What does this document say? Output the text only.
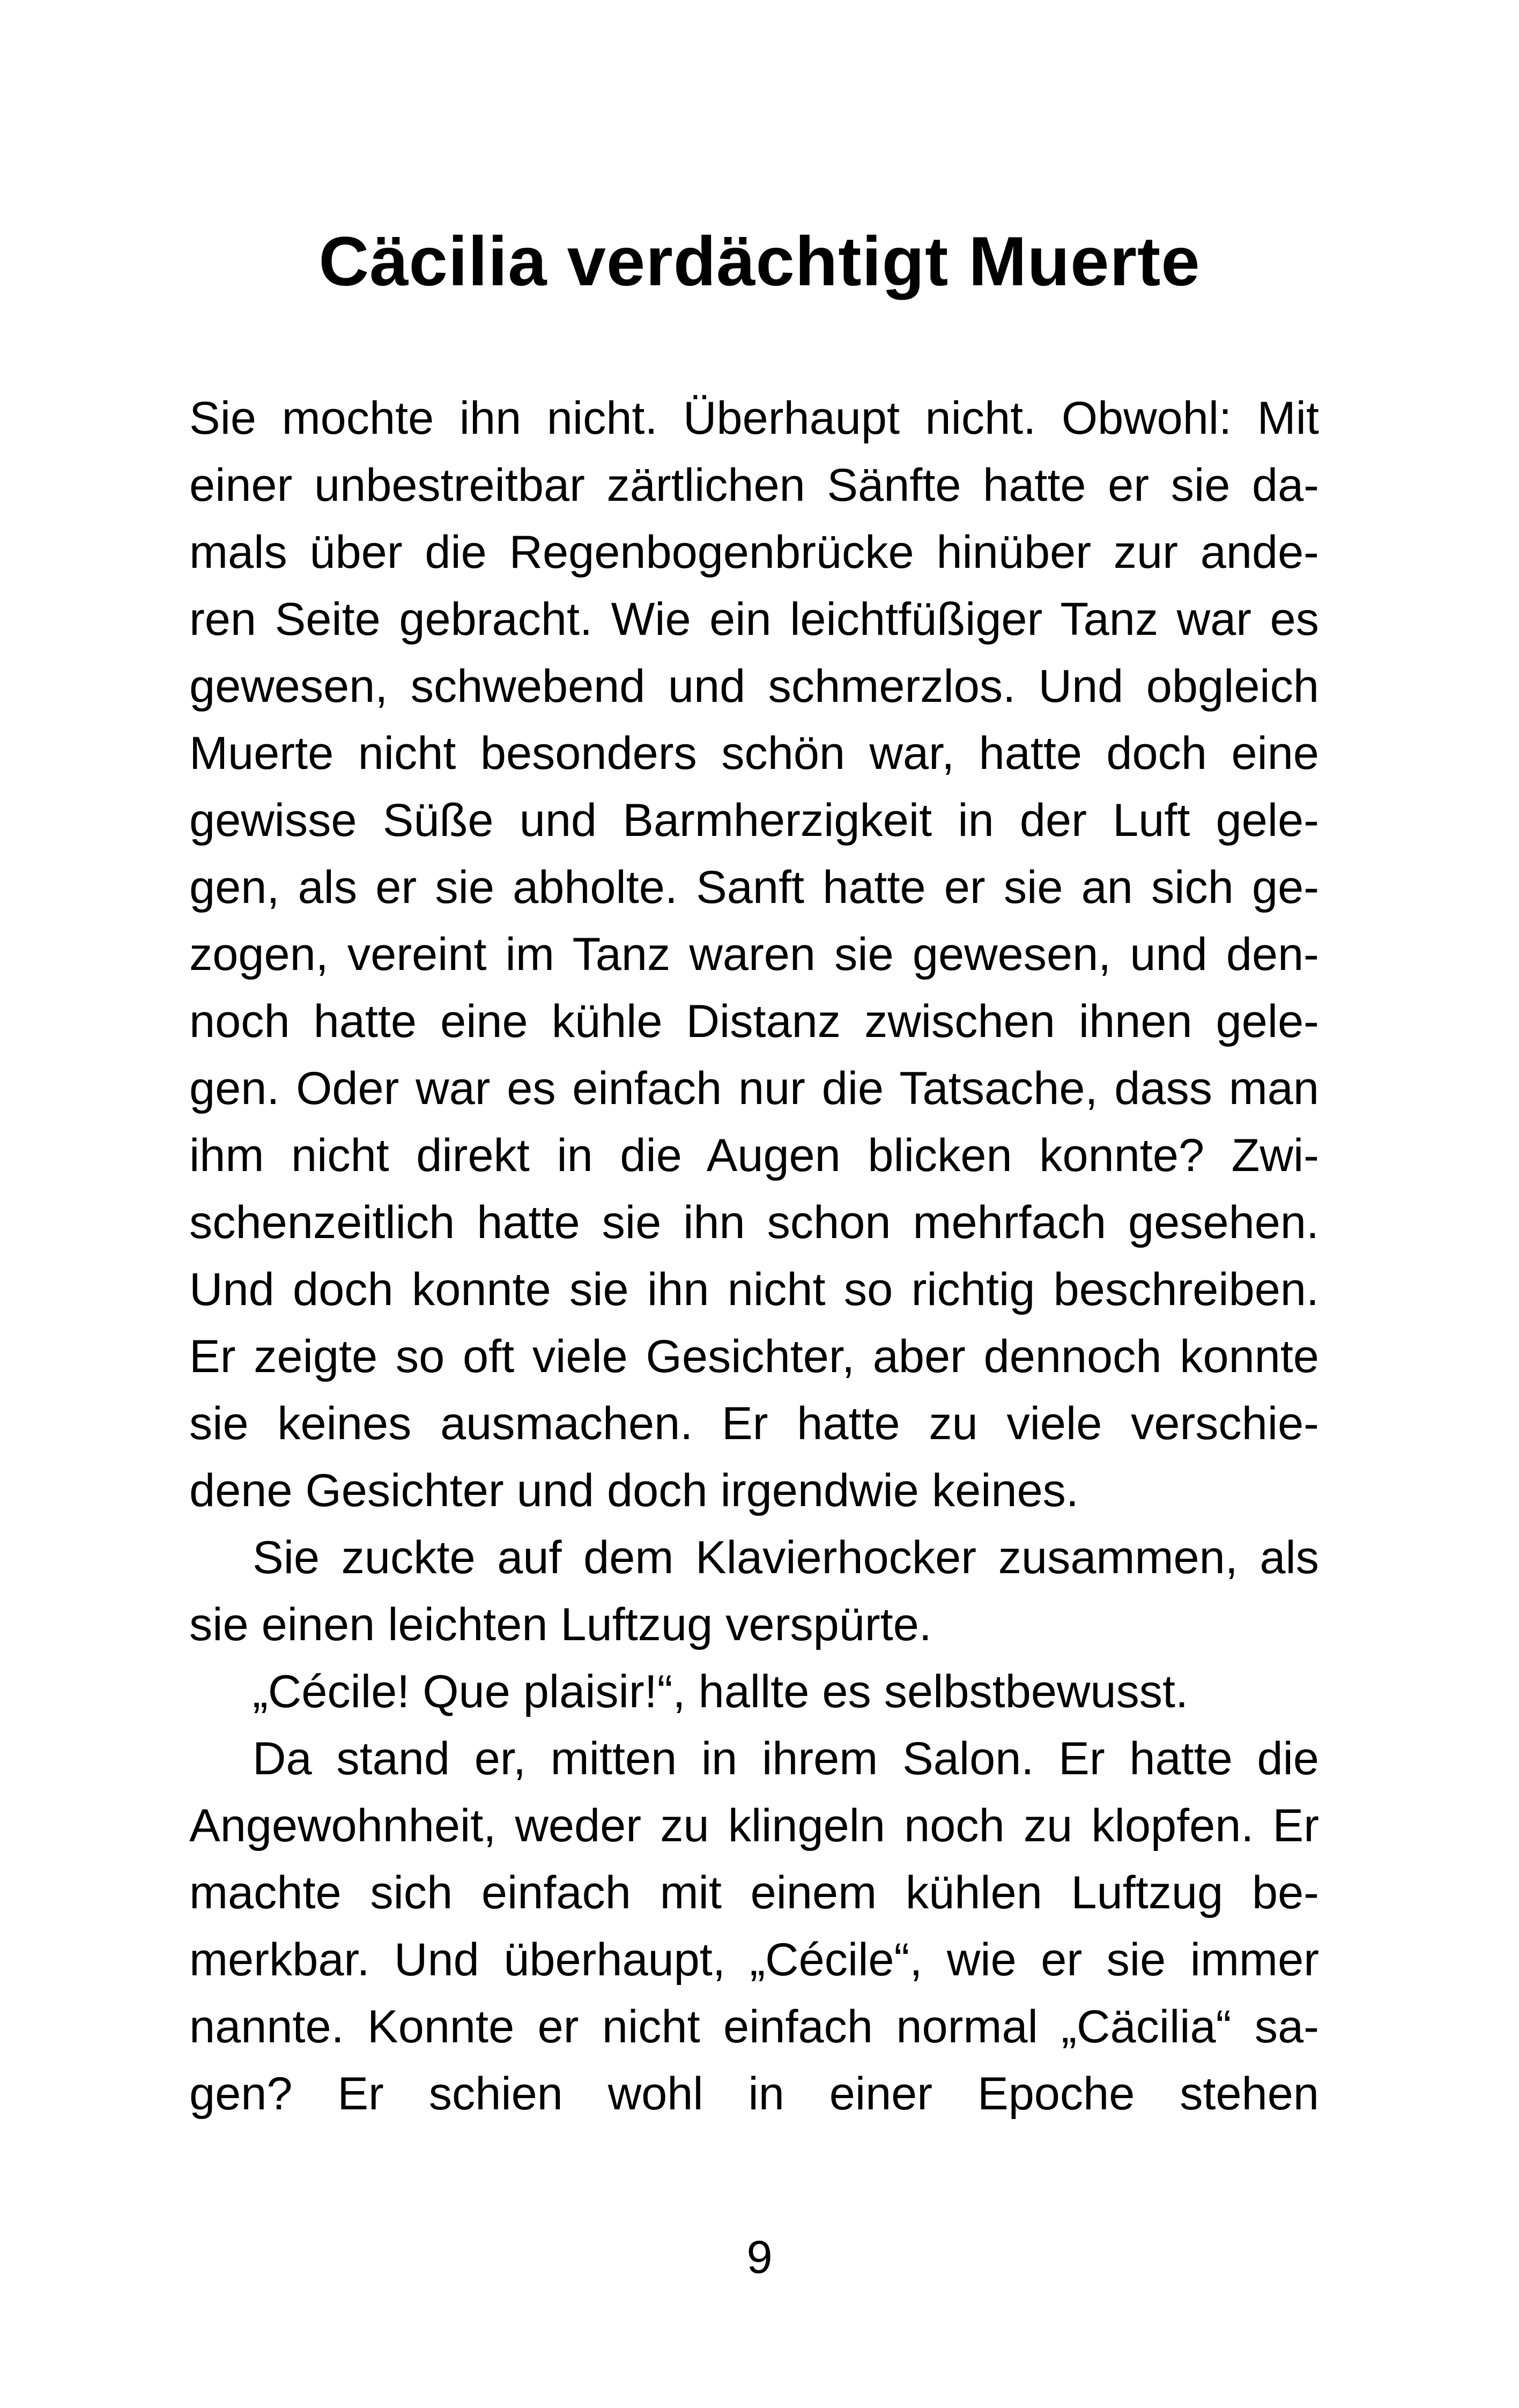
Cäcilia verdächtigt Muerte
Sie mochte ihn nicht. Überhaupt nicht. Obwohl: Mit
einer unbestreitbar zärtlichen Sänfte hatte er sie da-
mals über die Regenbogenbrücke hinüber zur ande-
ren Seite gebracht. Wie ein leichtfüßiger Tanz war es
gewesen, schwebend und schmerzlos. Und obgleich
Muerte nicht besonders schön war, hatte doch eine
gewisse Süße und Barmherzigkeit in der Luft gele-
gen, als er sie abholte. Sanft hatte er sie an sich ge-
zogen, vereint im Tanz waren sie gewesen, und den-
noch hatte eine kühle Distanz zwischen ihnen gele-
gen. Oder war es einfach nur die Tatsache, dass man
ihm nicht direkt in die Augen blicken konnte? Zwi-
schenzeitlich hatte sie ihn schon mehrfach gesehen.
Und doch konnte sie ihn nicht so richtig beschreiben.
Er zeigte so oft viele Gesichter, aber dennoch konnte
sie keines ausmachen. Er hatte zu viele verschie-
dene Gesichter und doch irgendwie keines.
Sie zuckte auf dem Klavierhocker zusammen, als
sie einen leichten Luftzug verspürte.
„Cécile! Que plaisir!“, hallte es selbstbewusst.
Da stand er, mitten in ihrem Salon. Er hatte die
Angewohnheit, weder zu klingeln noch zu klopfen. Er
machte sich einfach mit einem kühlen Luftzug be-
merkbar. Und überhaupt, „Cécile“, wie er sie immer
nannte. Konnte er nicht einfach normal „Cäcilia“ sa-
gen? Er schien wohl in einer Epoche stehen
9
